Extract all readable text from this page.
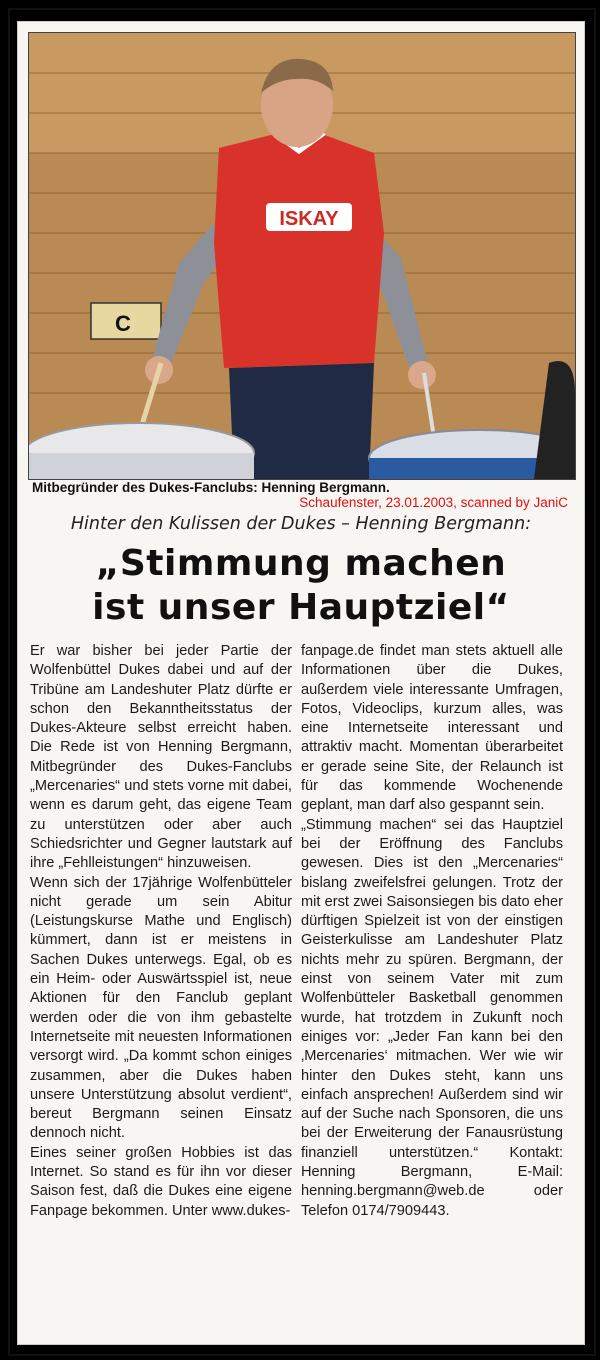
C
ISKAY
Mitbegründer des Dukes-Fanclubs: Henning Bergmann.
Schaufenster, 23.01.2003, scanned by JaniC
Hinter den Kulissen der Dukes – Henning Bergmann:
„Stimmung machen
ist unser Hauptziel“

Er war bisher bei jeder Partie der Wolfenbüttel Dukes dabei und auf der Tribüne am Landeshuter Platz dürfte er schon den Bekanntheitsstatus der Dukes-Akteure selbst erreicht haben. Die Rede ist von Henning Bergmann, Mitbegründer des Dukes-Fanclubs „Mercenaries“ und stets vorne mit dabei, wenn es darum geht, das eigene Team zu unterstützen oder aber auch Schiedsrichter und Gegner lautstark auf ihre „Fehlleistungen“ hinzuweisen.

Wenn sich der 17jährige Wolfenbütteler nicht gerade um sein Abitur (Leistungskurse Mathe und Englisch) kümmert, dann ist er meistens in Sachen Dukes unterwegs. Egal, ob es ein Heim- oder Auswärtsspiel ist, neue Aktionen für den Fanclub geplant werden oder die von ihm gebastelte Internetseite mit neuesten Informationen versorgt wird. „Da kommt schon einiges zusammen, aber die Dukes haben unsere Unterstützung absolut verdient“, bereut Bergmann seinen Einsatz dennoch nicht.

Eines seiner großen Hobbies ist das Internet. So stand es für ihn vor dieser Saison fest, daß die Dukes eine eigene Fanpage bekommen. Unter www.dukes-

fanpage.de findet man stets aktuell alle Informationen über die Dukes, außerdem viele interessante Umfragen, Fotos, Videoclips, kurzum alles, was eine Internetseite interessant und attraktiv macht. Momentan überarbeitet er gerade seine Site, der Relaunch ist für das kommende Wochenende geplant, man darf also gespannt sein.

„Stimmung machen“ sei das Hauptziel bei der Eröffnung des Fanclubs gewesen. Dies ist den „Mercenaries“ bislang zweifelsfrei gelungen. Trotz der mit erst zwei Saisonsiegen bis dato eher dürftigen Spielzeit ist von der einstigen Geisterkulisse am Landeshuter Platz nichts mehr zu spüren. Bergmann, der einst von seinem Vater mit zum Wolfenbütteler Basketball genommen wurde, hat trotzdem in Zukunft noch einiges vor: „Jeder Fan kann bei den ‚Mercenaries‘ mitmachen. Wer wie wir hinter den Dukes steht, kann uns einfach ansprechen! Außerdem sind wir auf der Suche nach Sponsoren, die uns bei der Erweiterung der Fanausrüstung finanziell unterstützen.“ Kontakt: Henning Bergmann, E-Mail: henning.bergmann@web.de oder Telefon 0174/7909443.
